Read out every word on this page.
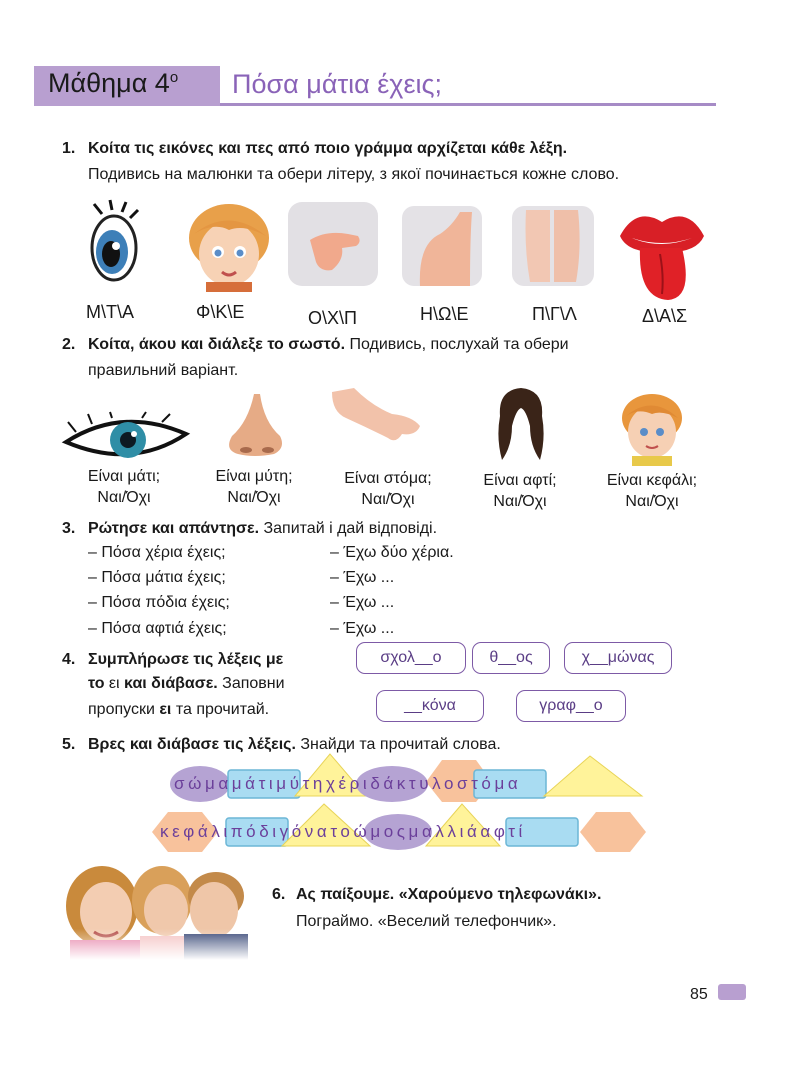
Μάθημα $4^o$ Πόσα μάτια έχεις;
1. Κοίτα τις εικόνες και πες από ποιο γράμμα αρχίζεται κάθε λέξη.
Подивись на малюнки та обери літеру, з якої починається кожне слово.
Μ\Τ\Α	Φ\Κ\Ε	Ο\Χ\Π	Η\Ω\Ε	Π\Γ\Λ	Δ\Α\Σ
2. Κοίτα, άκου και διάλεξε το σωστό. Подивись, послухай та обери
правильний варіант.
Είναι μάτι;
Ναι/Όχι
Είναι μύτη;
Ναι/Όχι
Είναι στόμα;
Ναι/Όχι
Είναι αφτί;
Ναι/Όχι
Είναι κεφάλι;
Ναι/Όχι
3. Ρώτησε και απάντησε. Запитай і дай відповіді.
– Πόσα χέρια έχεις;	– Έχω δύο χέρια.
– Πόσα μάτια έχεις;	– Έχω ...
– Πόσα πόδια έχεις;	– Έχω ...
– Πόσα αφτιά έχεις;	– Έχω ...
4. Συμπλήρωσε τις λέξεις με
το ει και διάβασε. Заповни
пропуски ει та прочитай.
σχολ__ο	θ__ος	χ__μώνας
__κόνα	γραφ__ο
5. Βρες και διάβασε τις λέξεις. Знайди та прочитай слова.
σώμαμάτιμύτηχέριδάκτυλοστόμα
κεφάλιπόδιγόνατοώμοςμαλλιάαφτί
6. Ας παίξουμε. «Χαρούμενο τηλεφωνάκι».
Пограймо. «Веселий телефончик».
85
